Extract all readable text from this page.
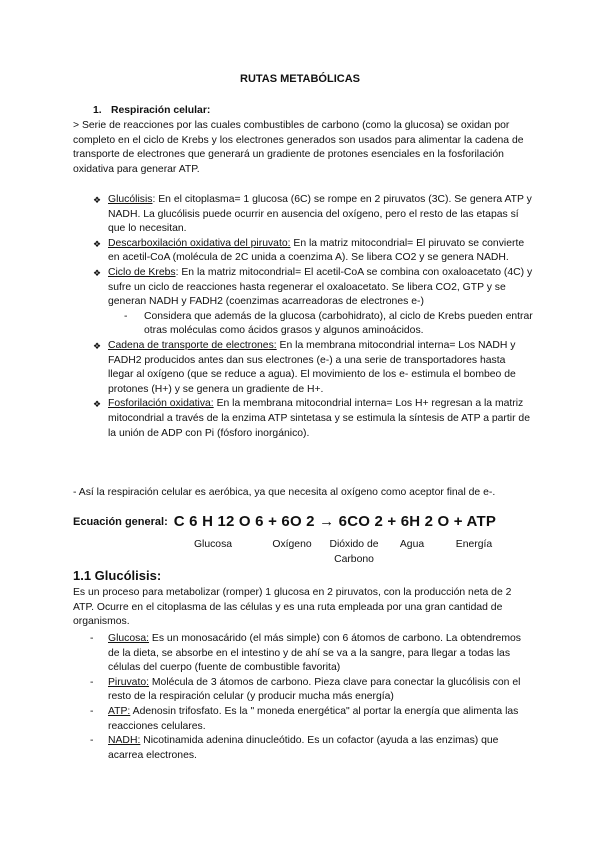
RUTAS METABÓLICAS
1. Respiración celular:
> Serie de reacciones por las cuales combustibles de carbono (como la glucosa) se oxidan por completo en el ciclo de Krebs y los electrones generados son usados para alimentar la cadena de transporte de electrones que generará un gradiente de protones esenciales en la fosforilación oxidativa para generar ATP.
❖ Glucólisis: En el citoplasma= 1 glucosa (6C) se rompe en 2 piruvatos (3C). Se genera ATP y NADH. La glucólisis puede ocurrir en ausencia del oxígeno, pero el resto de las etapas sí que lo necesitan.
❖ Descarboxilación oxidativa del piruvato: En la matriz mitocondrial= El piruvato se convierte en acetil-CoA (molécula de 2C unida a coenzima A). Se libera CO2 y se genera NADH.
❖ Ciclo de Krebs: En la matriz mitocondrial= El acetil-CoA se combina con oxaloacetato (4C) y sufre un ciclo de reacciones hasta regenerar el oxaloacetato. Se libera CO2, GTP y se generan NADH y FADH2 (coenzimas acarreadoras de electrones e-)
- Considera que además de la glucosa (carbohidrato), al ciclo de Krebs pueden entrar otras moléculas como ácidos grasos y algunos aminoácidos.
❖ Cadena de transporte de electrones: En la membrana mitocondrial interna= Los NADH y FADH2 producidos antes dan sus electrones (e-) a una serie de transportadores hasta llegar al oxígeno (que se reduce a agua). El movimiento de los e- estimula el bombeo de protones (H+) y se genera un gradiente de H+.
❖ Fosforilación oxidativa: En la membrana mitocondrial interna= Los H+ regresan a la matriz mitocondrial a través de la enzima ATP sintetasa y se estimula la síntesis de ATP a partir de la unión de ADP con Pi (fósforo inorgánico).
- Así la respiración celular es aeróbica, ya que necesita al oxígeno como aceptor final de e-.
Ecuación general: C 6 H 12 O 6 + 6O 2 → 6CO 2 + 6H 2 O + ATP
Glucosa	Oxígeno	Dióxido de Carbono
Agua	Energía
1.1 Glucólisis:
Es un proceso para metabolizar (romper) 1 glucosa en 2 piruvatos, con la producción neta de 2 ATP. Ocurre en el citoplasma de las células y es una ruta empleada por una gran cantidad de organismos.
- Glucosa: Es un monosacárido (el más simple) con 6 átomos de carbono. La obtendremos de la dieta, se absorbe en el intestino y de ahí se va a la sangre, para llegar a todas las células del cuerpo (fuente de combustible favorita)
- Piruvato: Molécula de 3 átomos de carbono. Pieza clave para conectar la glucólisis con el resto de la respiración celular (y producir mucha más energía)
- ATP: Adenosin trifosfato. Es la " moneda energética" al portar la energía que alimenta las reacciones celulares.
- NADH: Nicotinamida adenina dinucleótido. Es un cofactor (ayuda a las enzimas) que acarrea electrones.
